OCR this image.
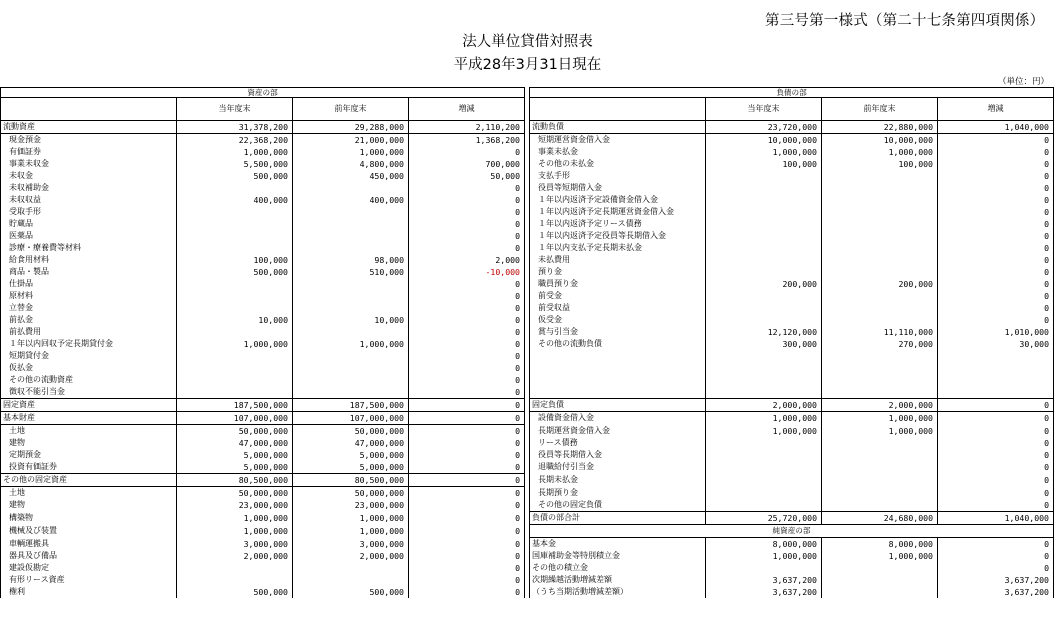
第三号第一様式（第二十七条第四項関係）
法人単位貸借対照表
平成28年3月31日現在
（単位：円）
資産の部					負債の部			
	当年度末	前年度末	増減			当年度末	前年度末	増減
流動資産	31,378,200	29,288,000	2,110,200		流動負債	23,720,000	22,880,000	1,040,000
現金預金	22,368,200	21,000,000	1,368,200		短期運営資金借入金	10,000,000	10,000,000	0
有価証券	1,000,000	1,000,000	0		事業未払金	1,000,000	1,000,000	0
事業未収金	5,500,000	4,800,000	700,000		その他の未払金	100,000	100,000	0
未収金	500,000	450,000	50,000		支払手形			0
未収補助金			0		役員等短期借入金			0
未収収益	400,000	400,000	0		１年以内返済予定設備資金借入金			0
受取手形			0		１年以内返済予定長期運営資金借入金			0
貯蔵品			0		１年以内返済予定リース債務			0
医薬品			0		１年以内返済予定役員等長期借入金			0
診療・療養費等材料			0		１年以内支払予定長期未払金			0
給食用材料	100,000	98,000	2,000		未払費用			0
商品・製品	500,000	510,000	-10,000		預り金			0
仕掛品			0		職員預り金	200,000	200,000	0
原材料			0		前受金			0
立替金			0		前受収益			0
前払金	10,000	10,000	0		仮受金			0
前払費用			0		賞与引当金	12,120,000	11,110,000	1,010,000
１年以内回収予定長期貸付金	1,000,000	1,000,000	0		その他の流動負債	300,000	270,000	30,000
短期貸付金			0					
仮払金			0					
その他の流動資産			0					
徴収不能引当金			0					
固定資産	187,500,000	187,500,000	0		固定負債	2,000,000	2,000,000	0
基本財産	107,000,000	107,000,000	0		設備資金借入金	1,000,000	1,000,000	0
土地	50,000,000	50,000,000	0		長期運営資金借入金	1,000,000	1,000,000	0
建物	47,000,000	47,000,000	0		リース債務			0
定期預金	5,000,000	5,000,000	0		役員等長期借入金			0
投資有価証券	5,000,000	5,000,000	0		退職給付引当金			0
その他の固定資産	80,500,000	80,500,000	0		長期未払金			0
土地	50,000,000	50,000,000	0		長期預り金			0
建物	23,000,000	23,000,000	0		その他の固定負債			0
構築物	1,000,000	1,000,000	0		負債の部合計	25,720,000	24,680,000	1,040,000
機械及び装置	1,000,000	1,000,000	0		純資産の部			
車輌運搬具	3,000,000	3,000,000	0		基本金	8,000,000	8,000,000	0
器具及び備品	2,000,000	2,000,000	0		国庫補助金等特別積立金	1,000,000	1,000,000	0
建設仮勘定			0		その他の積立金			0
有形リース資産			0		次期繰越活動増減差額	3,637,200		3,637,200
権利	500,000	500,000	0		（うち当期活動増減差額）	3,637,200		3,637,200
